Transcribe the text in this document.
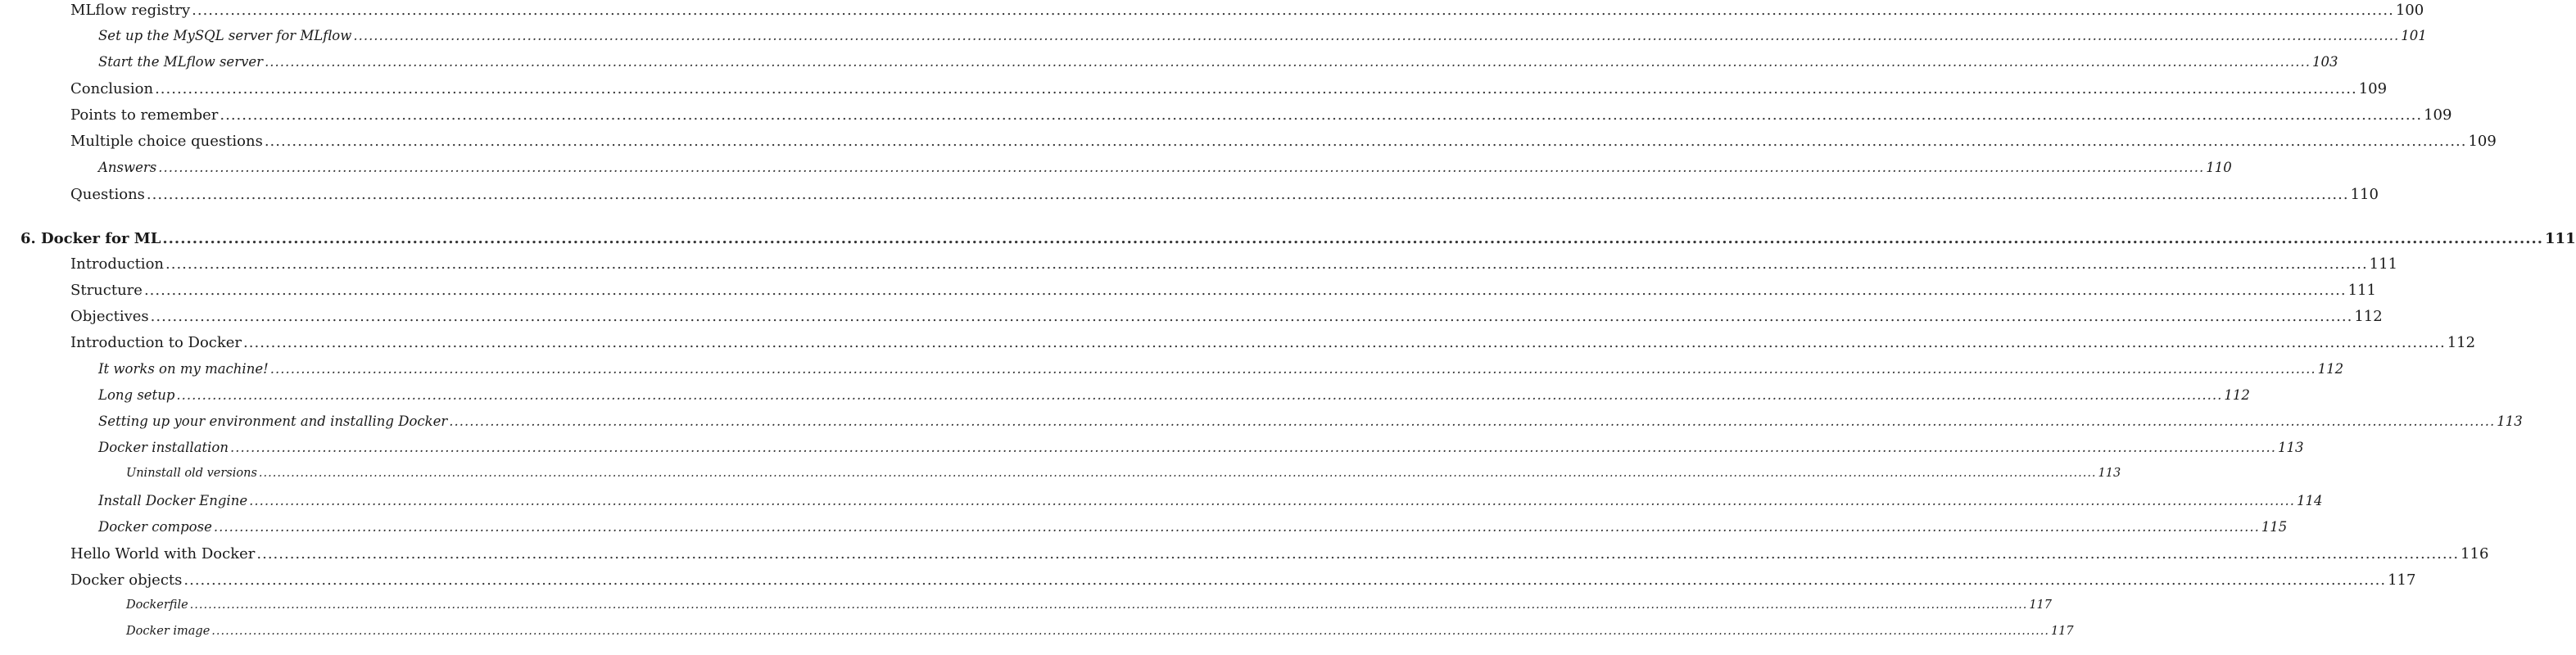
MLflow registry ................................................................................................................................................................................................................................................................................................................................................................................................................ 100
Set up the MySQL server for MLflow ................................................................................................................................................................................................................................................................................................................................................................................................................ 101
Start the MLflow server ................................................................................................................................................................................................................................................................................................................................................................................................................ 103
Conclusion ................................................................................................................................................................................................................................................................................................................................................................................................................ 109
Points to remember ................................................................................................................................................................................................................................................................................................................................................................................................................ 109
Multiple choice questions ................................................................................................................................................................................................................................................................................................................................................................................................................ 109
Answers ................................................................................................................................................................................................................................................................................................................................................................................................................ 110
Questions ................................................................................................................................................................................................................................................................................................................................................................................................................ 110
6. Docker for ML ................................................................................................................................................................................................................................................................................................................................................................................................................ 111
Introduction ................................................................................................................................................................................................................................................................................................................................................................................................................ 111
Structure ................................................................................................................................................................................................................................................................................................................................................................................................................ 111
Objectives ................................................................................................................................................................................................................................................................................................................................................................................................................ 112
Introduction to Docker ................................................................................................................................................................................................................................................................................................................................................................................................................ 112
It works on my machine! ................................................................................................................................................................................................................................................................................................................................................................................................................ 112
Long setup ................................................................................................................................................................................................................................................................................................................................................................................................................ 112
Setting up your environment and installing Docker ................................................................................................................................................................................................................................................................................................................................................................................................................ 113
Docker installation ................................................................................................................................................................................................................................................................................................................................................................................................................ 113
Uninstall old versions ................................................................................................................................................................................................................................................................................................................................................................................................................ 113
Install Docker Engine ................................................................................................................................................................................................................................................................................................................................................................................................................ 114
Docker compose ................................................................................................................................................................................................................................................................................................................................................................................................................ 115
Hello World with Docker ................................................................................................................................................................................................................................................................................................................................................................................................................ 116
Docker objects ................................................................................................................................................................................................................................................................................................................................................................................................................ 117
Dockerfile ................................................................................................................................................................................................................................................................................................................................................................................................................ 117
Docker image ................................................................................................................................................................................................................................................................................................................................................................................................................ 117
